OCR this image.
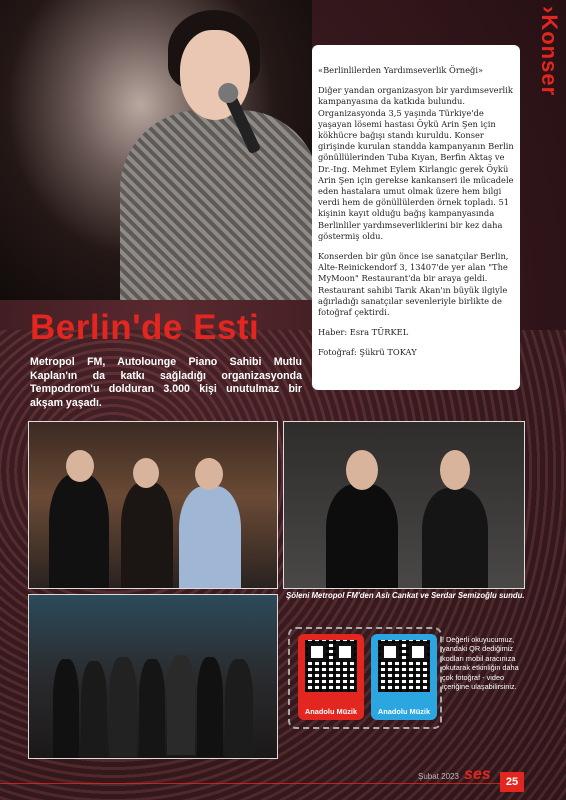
›Konser

«Berlinlilerden Yardımseverlik Örneği»

Diğer yandan organizasyon bir yardımseverlik kampanyasına da katkıda bulundu. Organizasyonda 3,5 yaşında Türkiye'de yaşayan lösemi hastası Öykü Arin Şen için kökhücre bağışı standı kuruldu. Konser girişinde kurulan standda kampanyanın Berlin gönüllülerinden Tuba Kıyan, Berfin Aktaş ve Dr.-Ing. Mehmet Eylem Kirlangic gerek Öykü Arin Şen için gerekse kankanseri ile mücadele eden hastalara umut olmak üzere hem bilgi verdi hem de gönüllülerden örnek topladı. 51 kişinin kayıt olduğu bağış kampanyasında Berlinliler yardımseverliklerini bir kez daha göstermiş oldu.

Konserden bir gün önce ise sanatçılar Berlin, Alte-Reinickendorf 3, 13407'de yer alan "The MyMoon" Restaurant'da bir araya geldi. Restaurant sahibi Tarık Akan'ın büyük ilgiyle ağırladığı sanatçılar sevenleriyle birlikte de fotoğraf çektirdi.

Haber: Esra TÜRKEL

Fotoğraf: Şükrü TOKAY

Berlin'de Esti
Metropol FM, Autolounge Piano Sahibi Mutlu Kaplan'ın da katkı sağladığı organizasyonda Tempodrom'u dolduran 3.000 kişi unutulmaz bir akşam yaşadı.
Şöleni Metropol FM'den Aslı Cankat ve Serdar Semizoğlu sundu.
Anadolu Müzik	Anadolu Müzik
! Değerli okuyucumuz, yandaki QR dediğimiz kodları mobil aracınıza okutarak etkinliğin daha çok fotoğraf - video içeriğine ulaşabilirsiniz.
Şubat 2023 ses	25
